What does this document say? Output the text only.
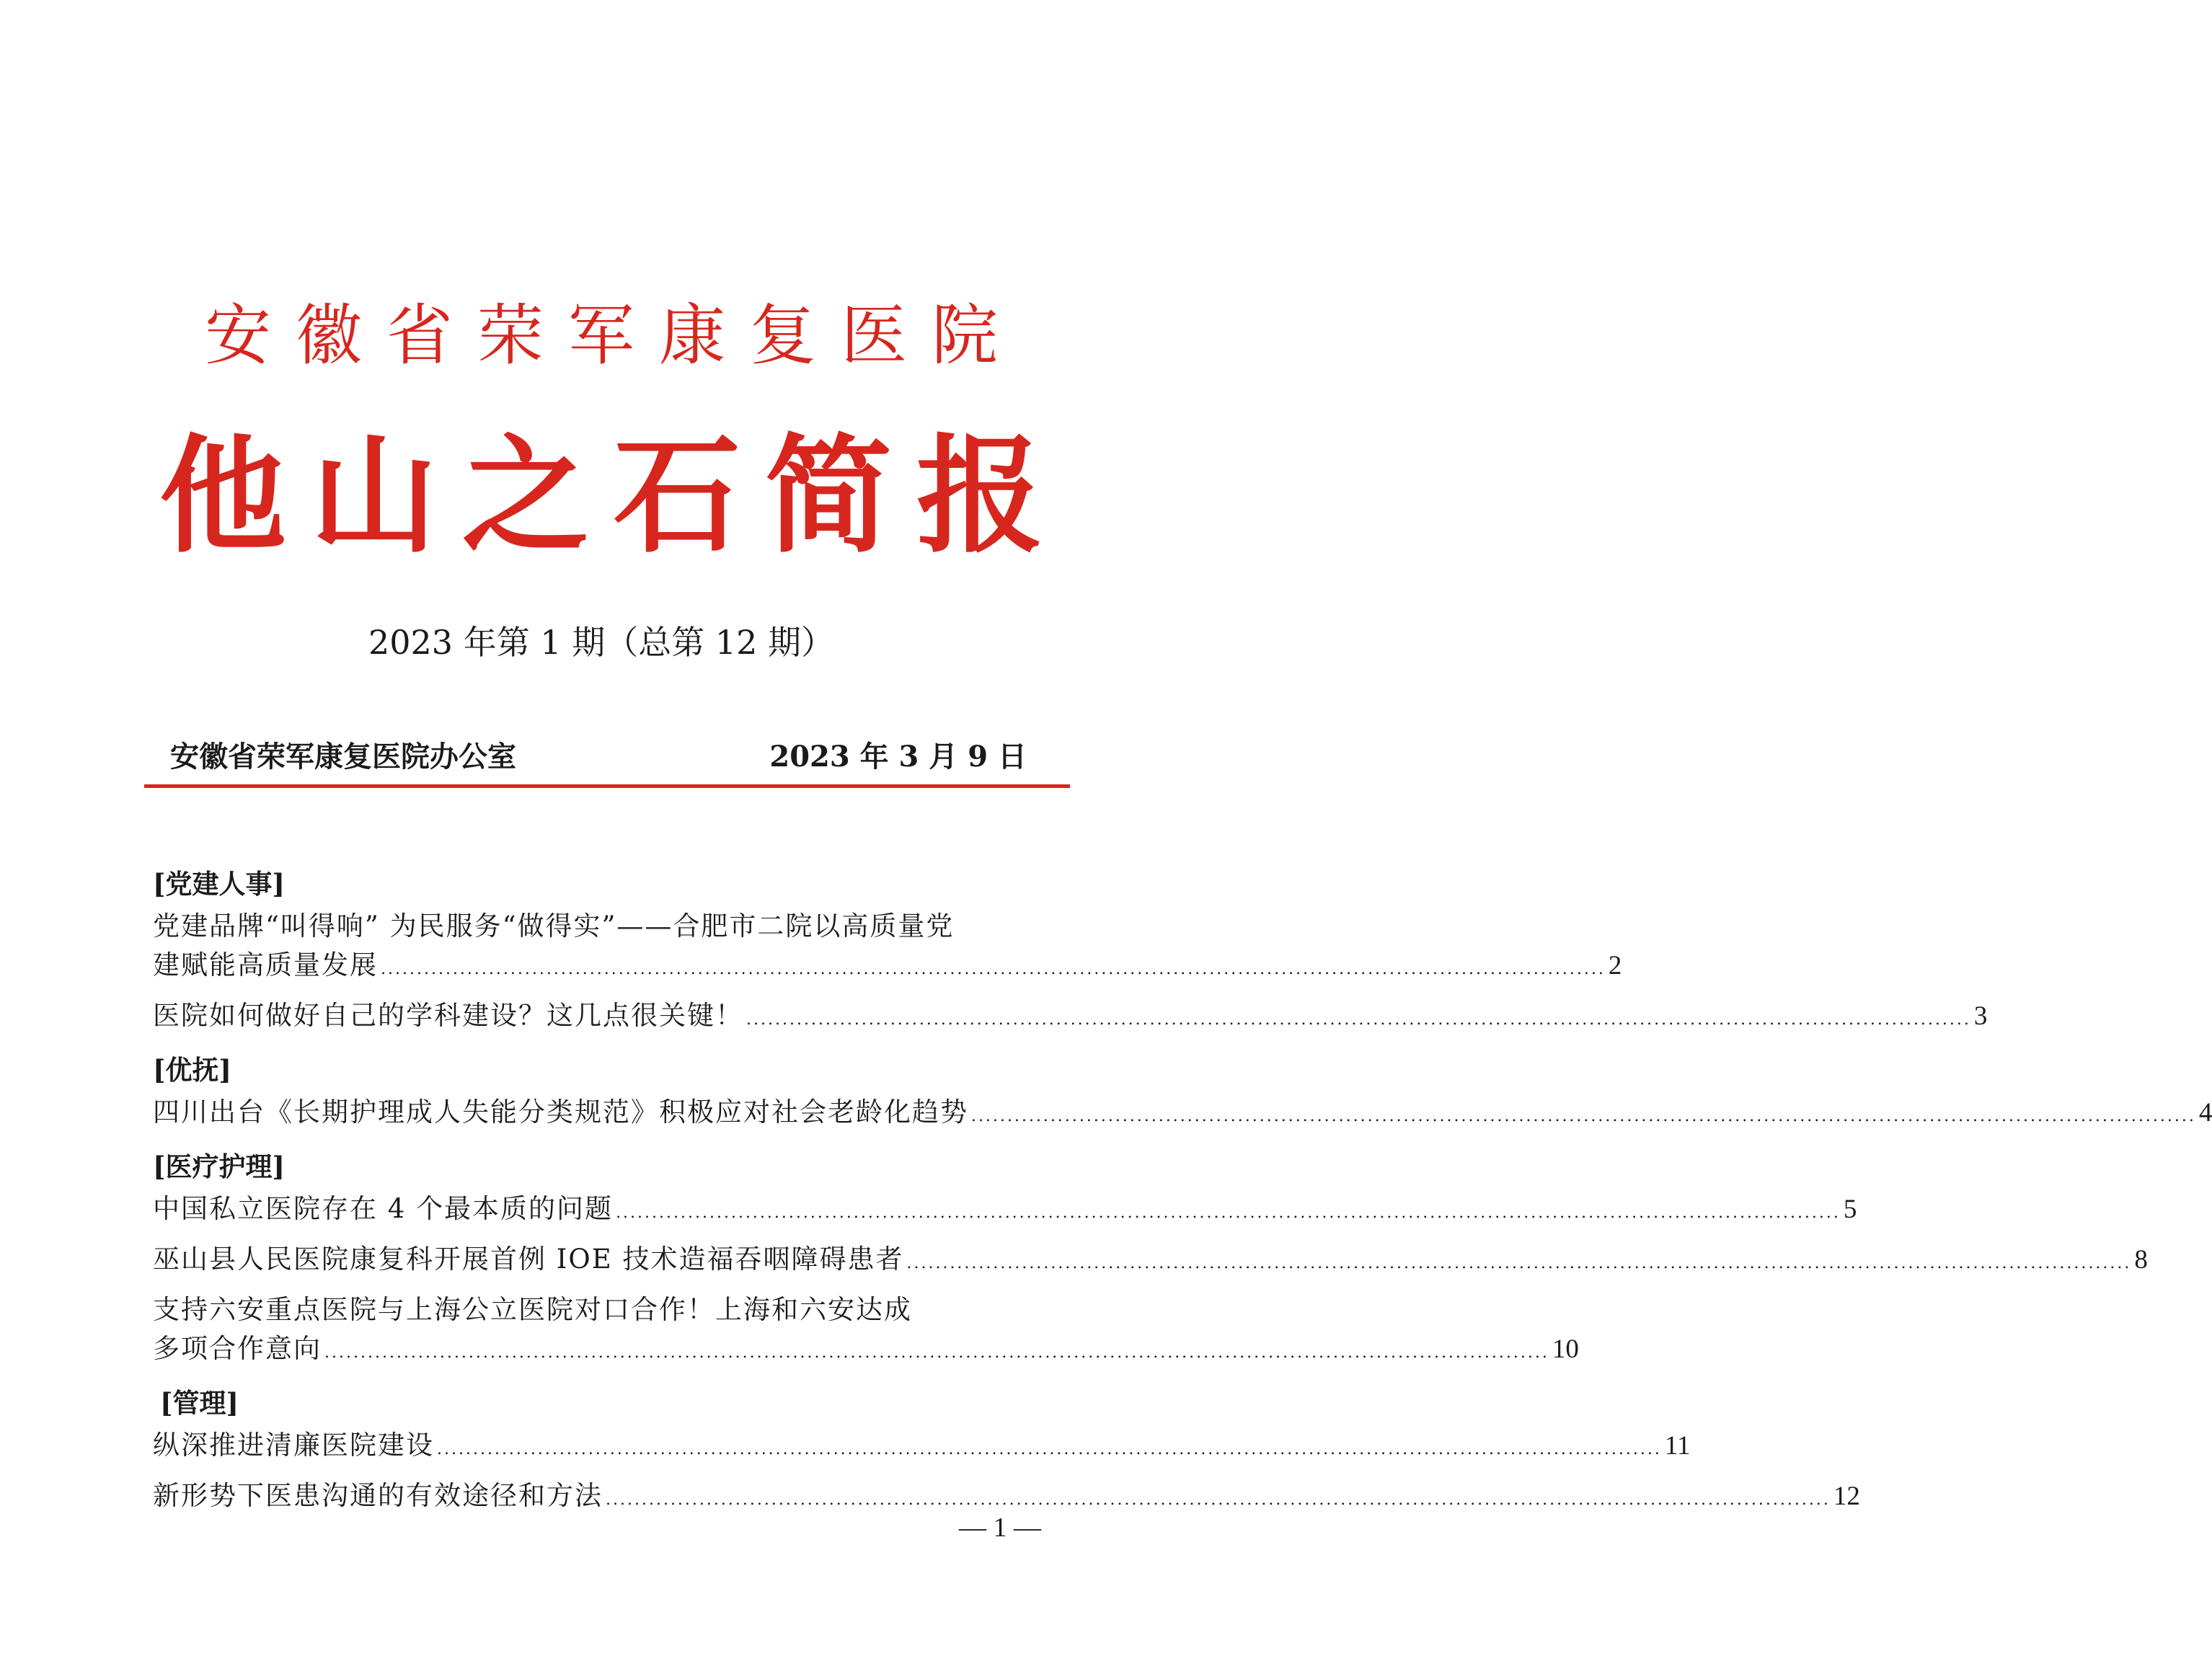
安徽省荣军康复医院
他山之石简报
2023 年第 1 期（总第 12 期）
安徽省荣军康复医院办公室	2023 年 3 月 9 日
[党建人事]
党建品牌“叫得响” 为民服务“做得实”——合肥市二院以高质量党
建赋能高质量发展 .......................................................................................................................................................................... 2
医院如何做好自己的学科建设？这几点很关键！ .......................................................................................................................................................................... 3
[优抚]
四川出台《长期护理成人失能分类规范》积极应对社会老龄化趋势 .......................................................................................................................................................................... 4
[医疗护理]
中国私立医院存在 4 个最本质的问题 .......................................................................................................................................................................... 5
巫山县人民医院康复科开展首例 IOE 技术造福吞咽障碍患者 .......................................................................................................................................................................... 8
支持六安重点医院与上海公立医院对口合作！上海和六安达成
多项合作意向 .......................................................................................................................................................................... 10
[管理]
纵深推进清廉医院建设 .......................................................................................................................................................................... 11
新形势下医患沟通的有效途径和方法 .......................................................................................................................................................................... 12
— 1 —
